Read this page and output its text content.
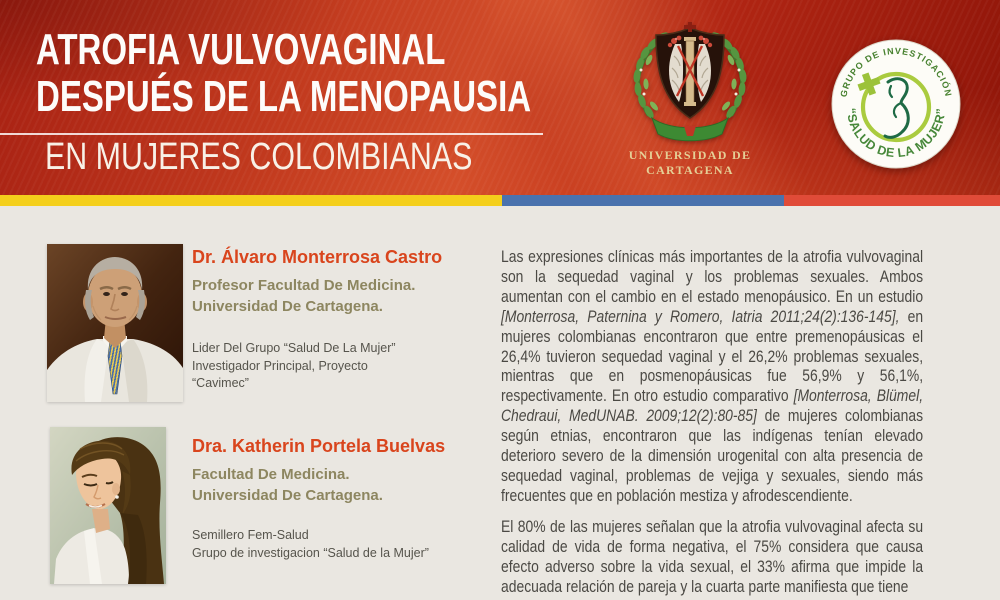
ATROFIA VULVOVAGINAL
DESPUÉS DE LA MENOPAUSIA
EN MUJERES COLOMBIANAS	UNIVERSIDAD DE
CARTAGENA
GRUPO DE INVESTIGACIÓN
“SALUD DE LA MUJER”
Dr. Álvaro Monterrosa Castro
Profesor Facultad De Medicina.
Universidad De Cartagena.
Lider Del Grupo “Salud De La Mujer”
Investigador Principal, Proyecto
“Cavimec”
Dra. Katherin Portela Buelvas
Facultad De Medicina.
Universidad De Cartagena.
Semillero Fem-Salud
Grupo de investigacion “Salud de la Mujer”

Las expresiones clínicas más importantes de la atrofia vulvovaginal son la sequedad vaginal y los problemas sexuales. Ambos aumentan con el cambio en el estado menopáusico. En un estudio [Monterrosa, Paternina y Romero, Iatria 2011;24(2):136-145], en mujeres colombianas encontraron que entre premenopáusicas el 26,4% tuvieron sequedad vaginal y el 26,2% problemas sexuales, mientras que en posmenopáusicas fue 56,9% y 56,1%, respectivamente. En otro estudio comparativo [Monterrosa, Blümel, Chedraui, MedUNAB. 2009;12(2):80-85] de mujeres colombianas según etnias, encontraron que las indígenas tenían elevado deterioro severo de la dimensión urogenital con alta presencia de sequedad vaginal, problemas de vejiga y sexuales, siendo más frecuentes que en población mestiza y afrodescendiente.

El 80% de las mujeres señalan que la atrofia vulvovaginal afecta su calidad de vida de forma negativa, el 75% considera que causa efecto adverso sobre la vida sexual, el 33% afirma que impide la adecuada relación de pareja y la cuarta parte manifiesta que tiene
